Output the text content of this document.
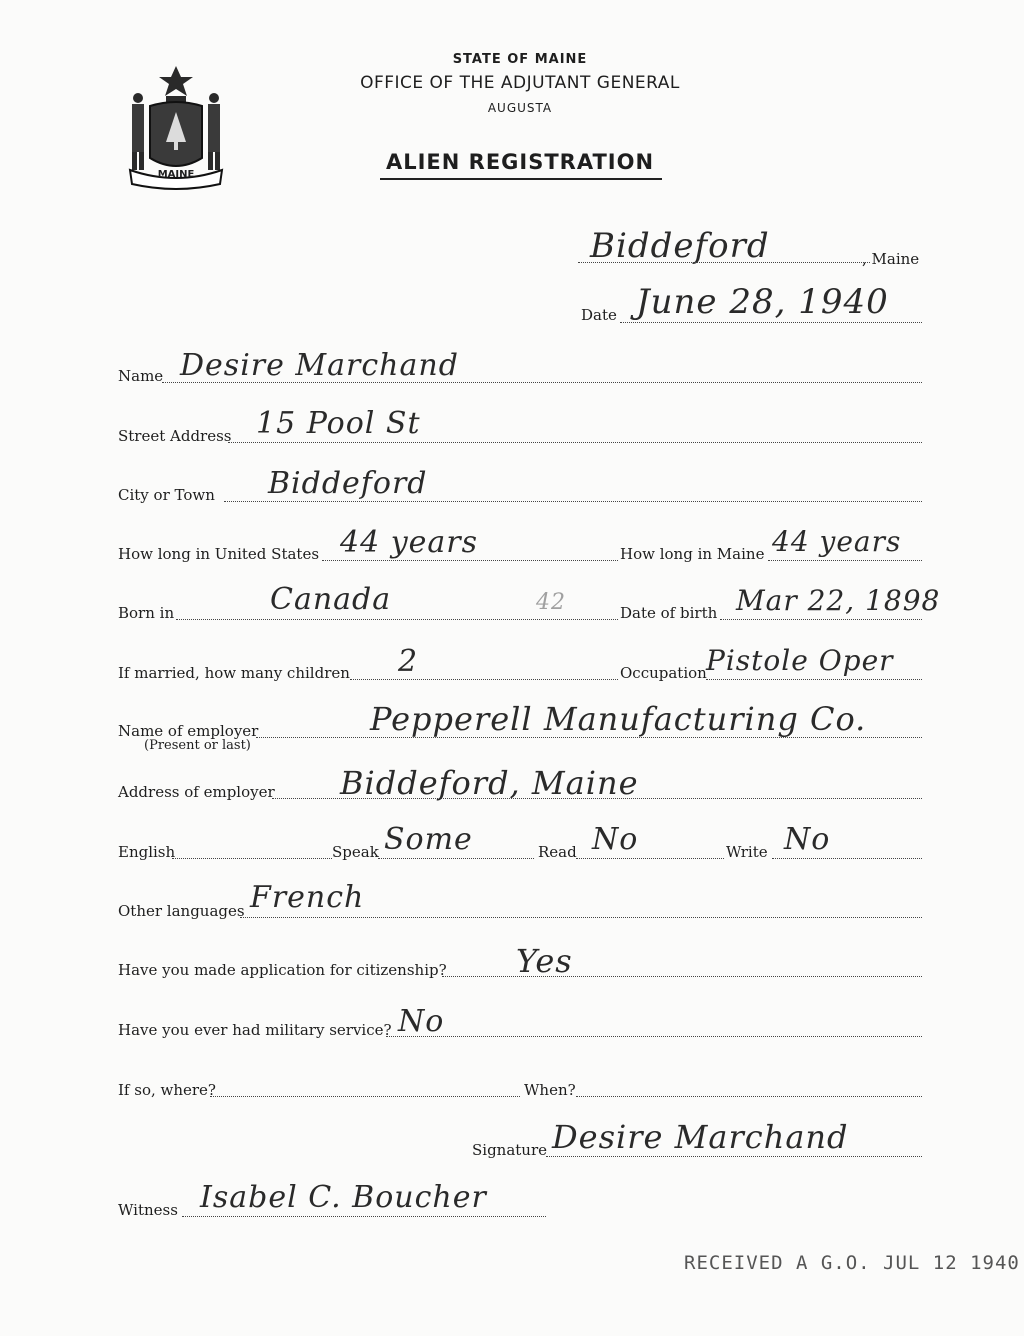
MAINE
STATE OF MAINE
OFFICE OF THE ADJUTANT GENERAL
AUGUSTA
ALIEN REGISTRATION
Biddeford	, Maine
Date June 28, 1940
Name Desire Marchand
Street Address 15 Pool St
City or Town Biddeford
How long in United States 44 years	How long in Maine 44 years
Born in	Canada	42	Date of birth Mar 22, 1898
If married, how many children 2	Occupation Pistole Oper
Name of employer
(Present or last)
Pepperell Manufacturing Co.
Address of employer Biddeford, Maine
English	Speak Some	Read No	Write No
Other languages French
Have you made application for citizenship? Yes
Have you ever had military service? No
If so, where?	When?
Signature Desire Marchand
Witness Isabel C. Boucher
RECEIVED A G.O. JUL 12 1940
